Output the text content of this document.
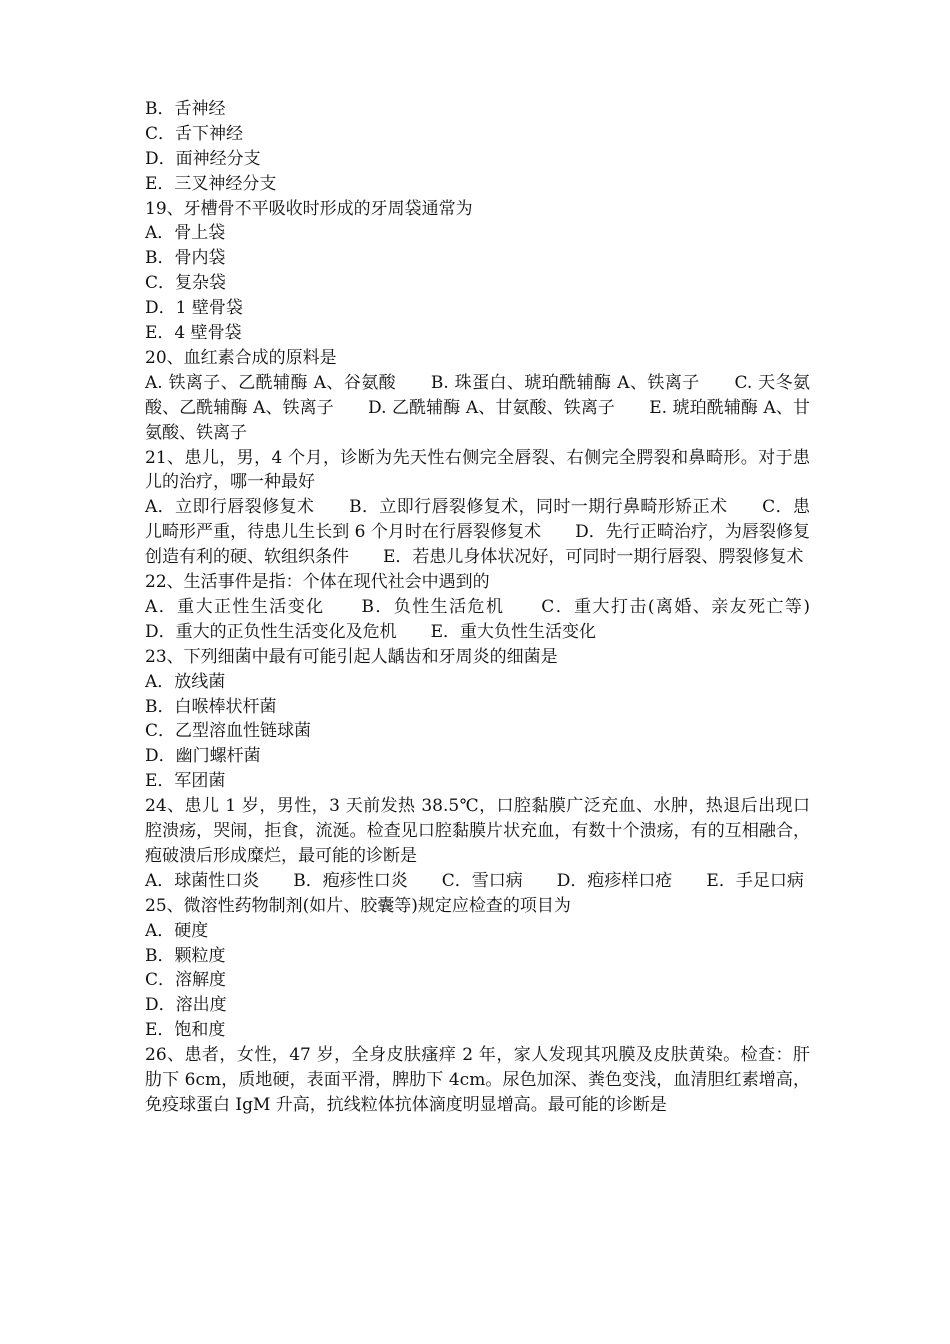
B．舌神经
C．舌下神经
D．面神经分支
E．三叉神经分支
19、牙槽骨不平吸收时形成的牙周袋通常为
A．骨上袋
B．骨内袋
C．复杂袋
D．1 壁骨袋
E．4 壁骨袋
20、血红素合成的原料是
A. 铁离子、乙酰辅酶 A、谷氨酸　　B. 珠蛋白、琥珀酰辅酶 A、铁离子　　C. 天冬氨酸、乙酰辅酶 A、铁离子　　D. 乙酰辅酶 A、甘氨酸、铁离子　　E. 琥珀酰辅酶 A、甘氨酸、铁离子
21、患儿，男，4 个月，诊断为先天性右侧完全唇裂、右侧完全腭裂和鼻畸形。对于患儿的治疗，哪一种最好
A．立即行唇裂修复术　　B．立即行唇裂修复术，同时一期行鼻畸形矫正术　　C．患儿畸形严重，待患儿生长到 6 个月时在行唇裂修复术　　D．先行正畸治疗，为唇裂修复创造有利的硬、软组织条件　　E．若患儿身体状况好，可同时一期行唇裂、腭裂修复术
22、生活事件是指：个体在现代社会中遇到的
A．重大正性生活变化　　B．负性生活危机　　C．重大打击(离婚、亲友死亡等)　　D．重大的正负性生活变化及危机　　E．重大负性生活变化
23、下列细菌中最有可能引起人龋齿和牙周炎的细菌是
A．放线菌
B．白喉棒状杆菌
C．乙型溶血性链球菌
D．幽门螺杆菌
E．军团菌
24、患儿 1 岁，男性，3 天前发热 38.5℃，口腔黏膜广泛充血、水肿，热退后出现口腔溃疡，哭闹，拒食，流涎。检查见口腔黏膜片状充血，有数十个溃疡，有的互相融合，疱破溃后形成糜烂，最可能的诊断是
A．球菌性口炎　　B．疱疹性口炎　　C．雪口病　　D．疱疹样口疮　　E．手足口病
25、微溶性药物制剂(如片、胶囊等)规定应检查的项目为
A．硬度
B．颗粒度
C．溶解度
D．溶出度
E．饱和度
26、患者，女性，47 岁，全身皮肤瘙痒 2 年，家人发现其巩膜及皮肤黄染。检查：肝肋下 6cm，质地硬，表面平滑，脾肋下 4cm。尿色加深、粪色变浅，血清胆红素增高，免疫球蛋白 IgM 升高，抗线粒体抗体滴度明显增高。最可能的诊断是
